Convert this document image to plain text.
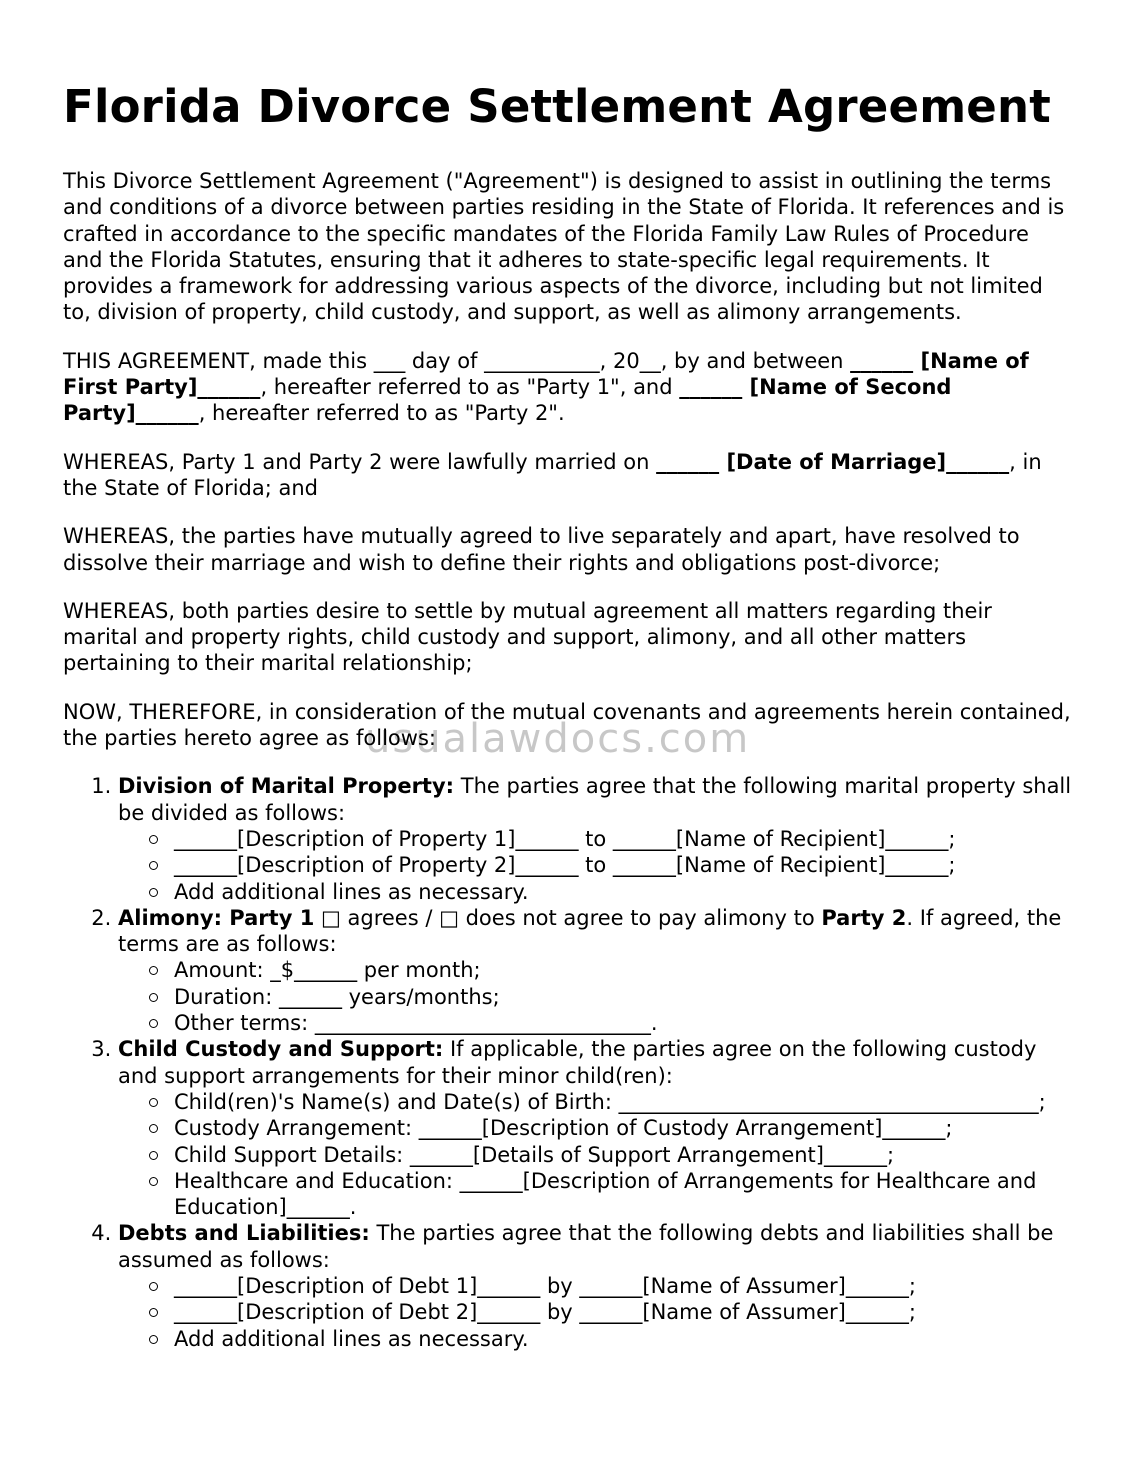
Florida Divorce Settlement Agreement

This Divorce Settlement Agreement ("Agreement") is designed to assist in outlining the terms and conditions of a divorce between parties residing in the State of Florida. It references and is crafted in accordance to the specific mandates of the Florida Family Law Rules of Procedure and the Florida Statutes, ensuring that it adheres to state-specific legal requirements. It provides a framework for addressing various aspects of the divorce, including but not limited to, division of property, child custody, and support, as well as alimony arrangements.

THIS AGREEMENT, made this ___ day of ___________, 20__, by and between ______ [Name of First Party]______, hereafter referred to as "Party 1", and ______ [Name of Second Party]______, hereafter referred to as "Party 2".

WHEREAS, Party 1 and Party 2 were lawfully married on ______ [Date of Marriage]______, in the State of Florida; and

WHEREAS, the parties have mutually agreed to live separately and apart, have resolved to dissolve their marriage and wish to define their rights and obligations post-divorce;

WHEREAS, both parties desire to settle by mutual agreement all matters regarding their marital and property rights, child custody and support, alimony, and all other matters pertaining to their marital relationship;

NOW, THEREFORE, in consideration of the mutual covenants and agreements herein contained, the parties hereto agree as follows:

1. Division of Marital Property: The parties agree that the following marital property shall be divided as follows:
______[Description of Property 1]______ to ______[Name of Recipient]______;
______[Description of Property 2]______ to ______[Name of Recipient]______;
Add additional lines as necessary.
2. Alimony: Party 1 □ agrees / □ does not agree to pay alimony to Party 2. If agreed, the terms are as follows:
Amount: _$______ per month;
Duration: ______ years/months;
Other terms: ________________________________.
3. Child Custody and Support: If applicable, the parties agree on the following custody and support arrangements for their minor child(ren):
Child(ren)'s Name(s) and Date(s) of Birth: ________________________________________;
Custody Arrangement: ______[Description of Custody Arrangement]______;
Child Support Details: ______[Details of Support Arrangement]______;
Healthcare and Education: ______[Description of Arrangements for Healthcare and Education]______.
4. Debts and Liabilities: The parties agree that the following debts and liabilities shall be assumed as follows:
______[Description of Debt 1]______ by ______[Name of Assumer]______;
______[Description of Debt 2]______ by ______[Name of Assumer]______;
Add additional lines as necessary.
usualawdocs.com
